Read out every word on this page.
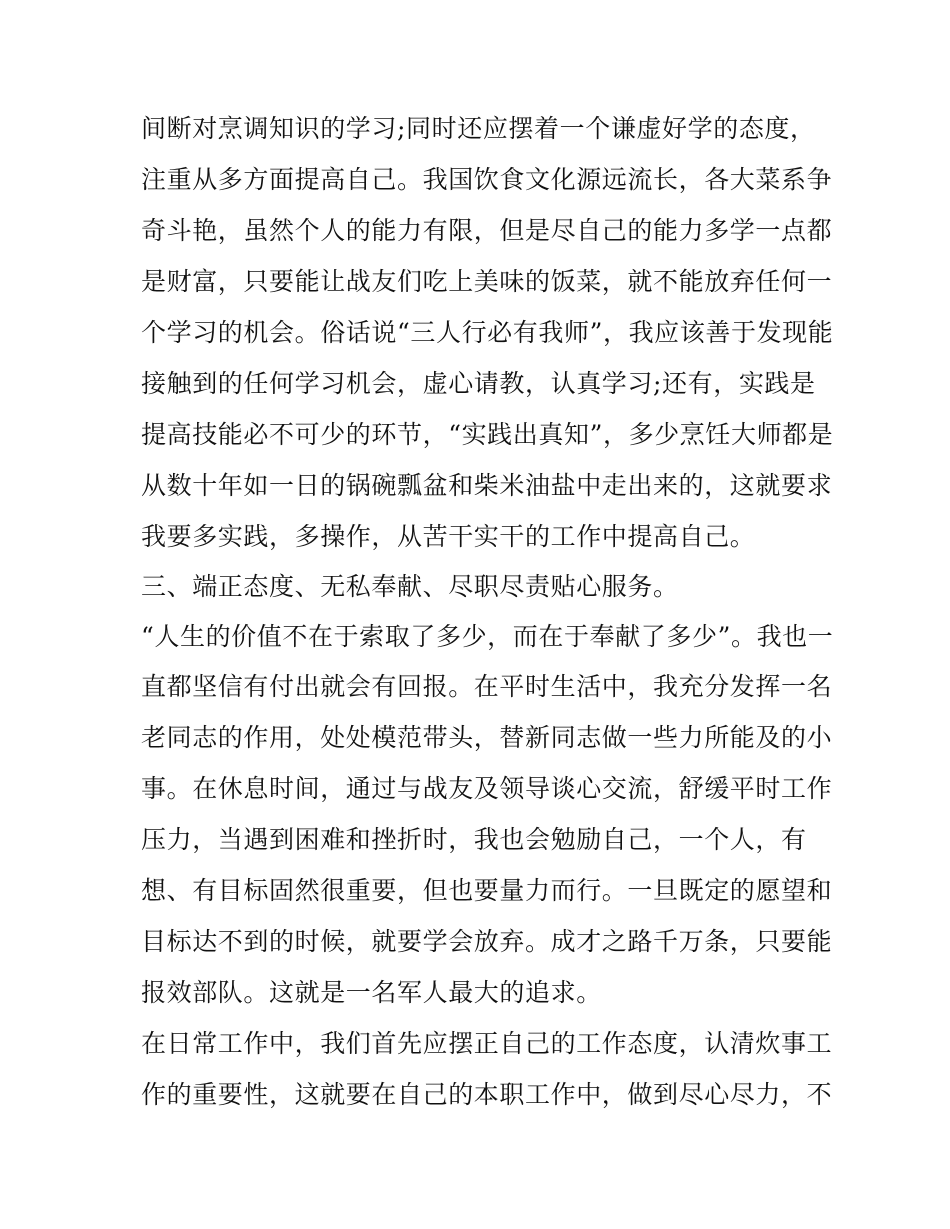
间断对烹调知识的学习;同时还应摆着一个谦虚好学的态度，
注重从多方面提高自己。我国饮食文化源远流长，各大菜系争
奇斗艳，虽然个人的能力有限，但是尽自己的能力多学一点都
是财富，只要能让战友们吃上美味的饭菜，就不能放弃任何一
个学习的机会。俗话说“三人行必有我师”，我应该善于发现能
接触到的任何学习机会，虚心请教，认真学习;还有，实践是
提高技能必不可少的环节，“实践出真知”，多少烹饪大师都是
从数十年如一日的锅碗瓢盆和柴米油盐中走出来的，这就要求
我要多实践，多操作，从苦干实干的工作中提高自己。
三、端正态度、无私奉献、尽职尽责贴心服务。
“人生的价值不在于索取了多少，而在于奉献了多少”。我也一
直都坚信有付出就会有回报。在平时生活中，我充分发挥一名
老同志的作用，处处模范带头，替新同志做一些力所能及的小
事。在休息时间，通过与战友及领导谈心交流，舒缓平时工作
压力，当遇到困难和挫折时，我也会勉励自己，一个人，有
想、有目标固然很重要，但也要量力而行。一旦既定的愿望和
目标达不到的时候，就要学会放弃。成才之路千万条，只要能
报效部队。这就是一名军人最大的追求。
在日常工作中，我们首先应摆正自己的工作态度，认清炊事工
作的重要性，这就要在自己的本职工作中，做到尽心尽力，不
